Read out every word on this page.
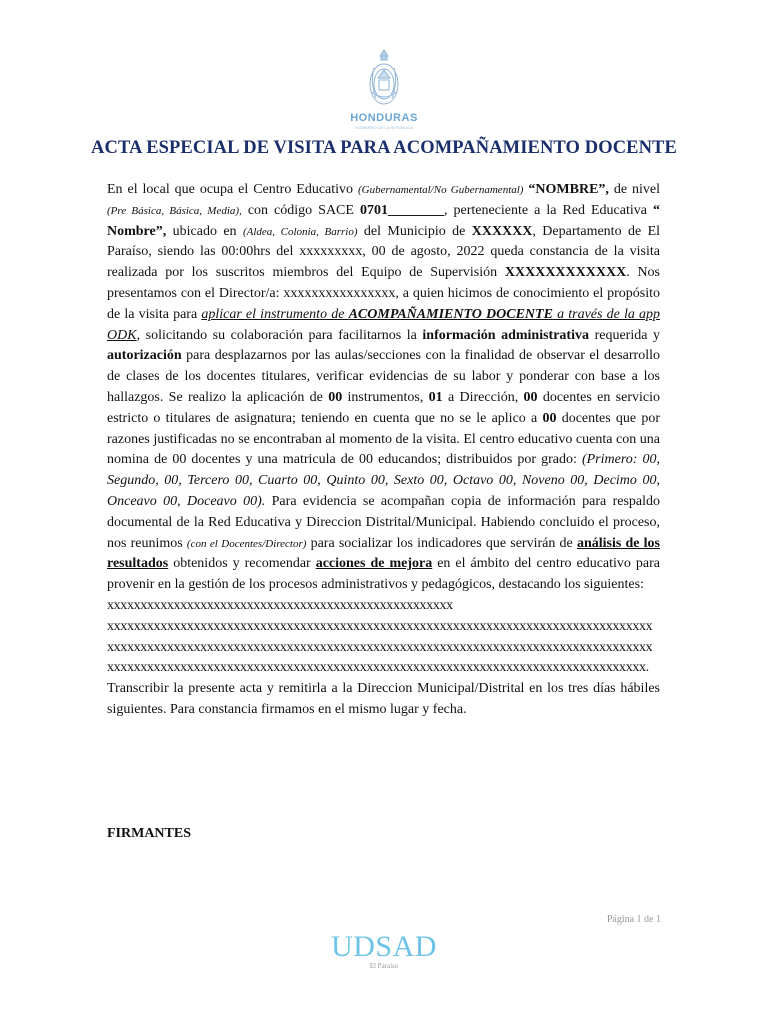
HONDURAS
GOBIERNO DE LA REPÚBLICA
ACTA ESPECIAL DE VISITA PARA ACOMPAÑAMIENTO DOCENTE

En el local que ocupa el Centro Educativo (Gubernamental/No Gubernamental) “NOMBRE”, de nivel (Pre Básica, Básica, Media), con código SACE 0701________, perteneciente a la Red Educativa “ Nombre”, ubicado en (Aldea, Colonia, Barrio) del Municipio de XXXXXX, Departamento de El Paraíso, siendo las 00:00hrs del xxxxxxxxx, 00 de agosto, 2022 queda constancia de la visita realizada por los suscritos miembros del Equipo de Supervisión XXXXXXXXXXXX. Nos presentamos con el Director/a: xxxxxxxxxxxxxxxx, a quien hicimos de conocimiento el propósito de la visita para aplicar el instrumento de ACOMPAÑAMIENTO DOCENTE a través de la app ODK, solicitando su colaboración para facilitarnos la información administrativa requerida y autorización para desplazarnos por las aulas/secciones con la finalidad de observar el desarrollo de clases de los docentes titulares, verificar evidencias de su labor y ponderar con base a los hallazgos. Se realizo la aplicación de 00 instrumentos, 01 a Dirección, 00 docentes en servicio estricto o titulares de asignatura; teniendo en cuenta que no se le aplico a 00 docentes que por razones justificadas no se encontraban al momento de la visita. El centro educativo cuenta con una nomina de 00 docentes y una matricula de 00 educandos; distribuidos por grado: (Primero: 00, Segundo, 00, Tercero 00, Cuarto 00, Quinto 00, Sexto 00, Octavo 00, Noveno 00, Decimo 00, Onceavo 00, Doceavo 00). Para evidencia se acompañan copia de información para respaldo documental de la Red Educativa y Direccion Distrital/Municipal. Habiendo concluido el proceso, nos reunimos (con el Docentes/Director) para socializar los indicadores que servirán de análisis de los resultados obtenidos y recomendar acciones de mejora en el ámbito del centro educativo para provenir en la gestión de los procesos administrativos y pedagógicos, destacando los siguientes:

xxxxxxxxxxxxxxxxxxxxxxxxxxxxxxxxxxxxxxxxxxxxxxxxxxxx
xxxxxxxxxxxxxxxxxxxxxxxxxxxxxxxxxxxxxxxxxxxxxxxxxxxxxxxxxxxxxxxxxxxxxxxxxxxxxxxxxx
xxxxxxxxxxxxxxxxxxxxxxxxxxxxxxxxxxxxxxxxxxxxxxxxxxxxxxxxxxxxxxxxxxxxxxxxxxxxxxxxxx
xxxxxxxxxxxxxxxxxxxxxxxxxxxxxxxxxxxxxxxxxxxxxxxxxxxxxxxxxxxxxxxxxxxxxxxxxxxxxxxxx.

Transcribir la presente acta y remitirla a la Direccion Municipal/Distrital en los tres días hábiles siguientes. Para constancia firmamos en el mismo lugar y fecha.

FIRMANTES
Página 1 de 1
UDSAD
El Paraíso
